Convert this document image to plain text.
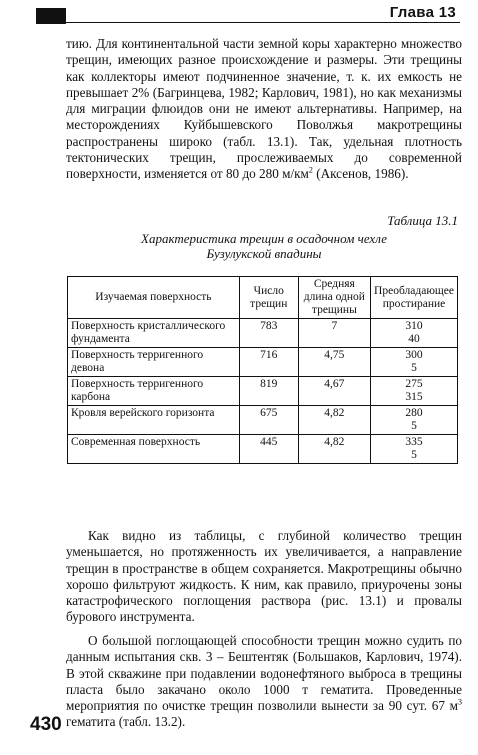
Глава 13

тию. Для континентальной части земной коры характерно множество трещин, имеющих разное происхождение и размеры. Эти трещины как коллекторы имеют подчиненное значение, т. к. их емкость не превышает 2% (Багринцева, 1982; Карлович, 1981), но как механизмы для миграции флюидов они не имеют альтернативы. Например, на месторождениях Куйбышевского Поволжья макротрещины распространены широко (табл. 13.1). Так, удельная плотность тектонических трещин, прослеживаемых до современной поверхности, изменяется от 80 до 280 $м/км^2$ (Аксенов, 1986).

Таблица 13.1
Характеристика трещин в осадочном чехле
Бузулукской впадины
Изучаемая поверхность	Число трещин	Средняя длина одной трещины	Преобладающее простирание
Поверхность кристаллического фундамента	783	7	310
40

Поверхность терригенного девона	716	4,75	300
5

Поверхность терригенного карбона	819	4,67	275
315

Кровля верейского горизонта	675	4,82	280
5

Современная поверхность	445	4,82	335
5

Как видно из таблицы, с глубиной количество трещин уменьшается, но протяженность их увеличивается, а направление трещин в пространстве в общем сохраняется. Макротрещины обычно хорошо фильтруют жидкость. К ним, как правило, приурочены зоны катастрофического поглощения раствора (рис. 13.1) и провалы бурового инструмента.

О большой поглощающей способности трещин можно судить по данным испытания скв. 3 – Бештентяк (Большаков, Карлович, 1974). В этой скважине при подавлении водонефтяного выброса в трещины пласта было закачано около 1000 т гематита. Проведенные мероприятия по очистке трещин позволили вынести за 90 сут. 67 $м^3$ гематита (табл. 13.2).

430
